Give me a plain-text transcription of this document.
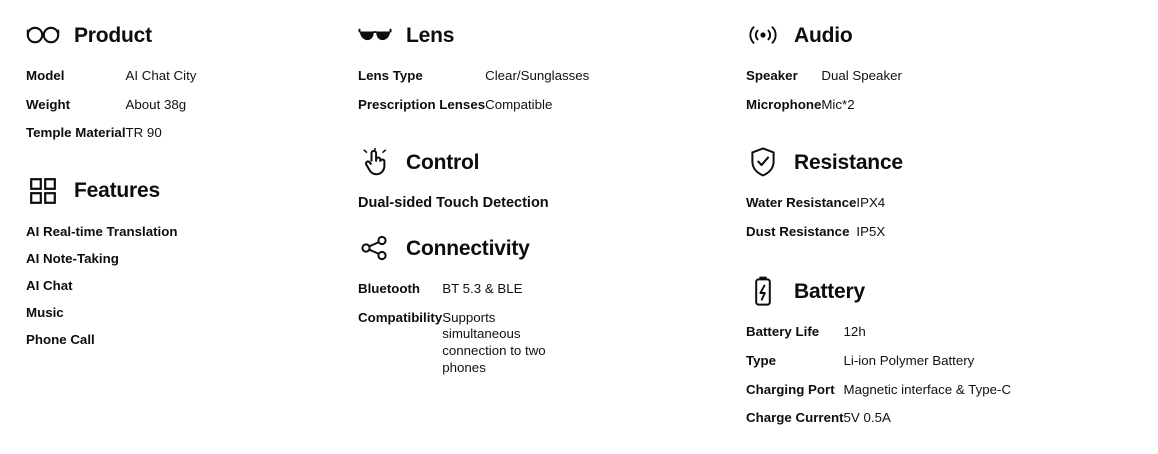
Product
Model	AI Chat City
Weight	About 38g
Temple Material	TR 90
Features
AI Real-time Translation
AI Note-Taking
AI Chat
Music
Phone Call
Lens
Lens Type	Clear/Sunglasses
Prescription Lenses	Compatible
Control
Dual-sided Touch Detection
Connectivity
Bluetooth	BT 5.3 & BLE
Compatibility	Supports simultaneous connection to two phones
Audio
Speaker	Dual Speaker
Microphone	Mic*2
Resistance
Water Resistance	IPX4
Dust Resistance	IP5X
Battery
Battery Life	12h
Type	Li-ion Polymer Battery
Charging Port	Magnetic interface & Type-C
Charge Current	5V 0.5A
